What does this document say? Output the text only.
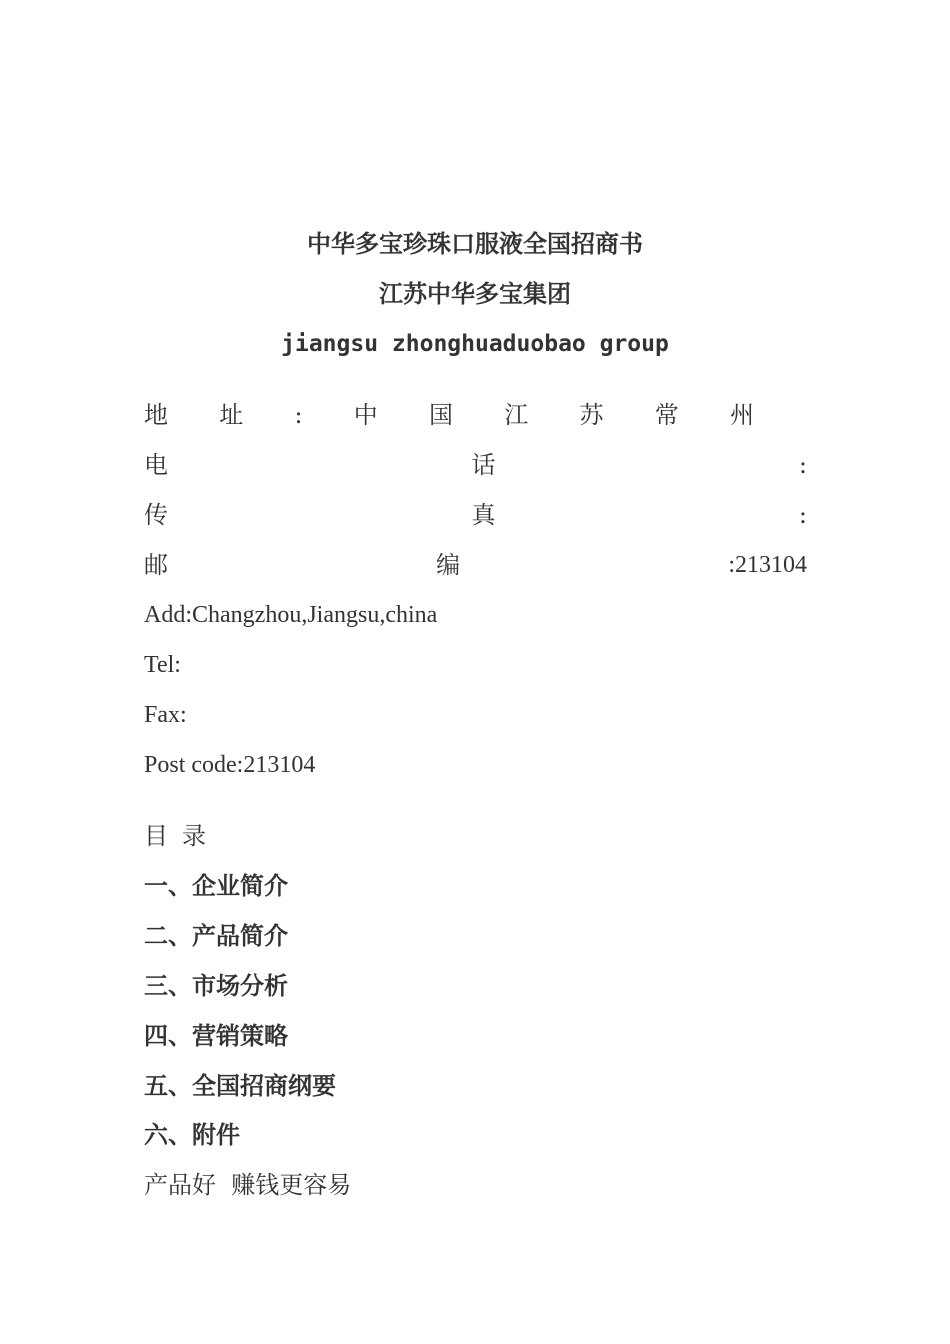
中华多宝珍珠口服液全国招商书
江苏中华多宝集团
jiangsu zhonghuaduobao group
地 址 : 中 国 江 苏 常 州
电	话	:
传	真	:
邮	编	:213104
Add:Changzhou,Jiangsu,china
Tel:
Fax:
Post code:213104
目录
一、企业简介
二、产品简介
三、市场分析
四、营销策略
五、全国招商纲要
六、附件
产品好  赚钱更容易
